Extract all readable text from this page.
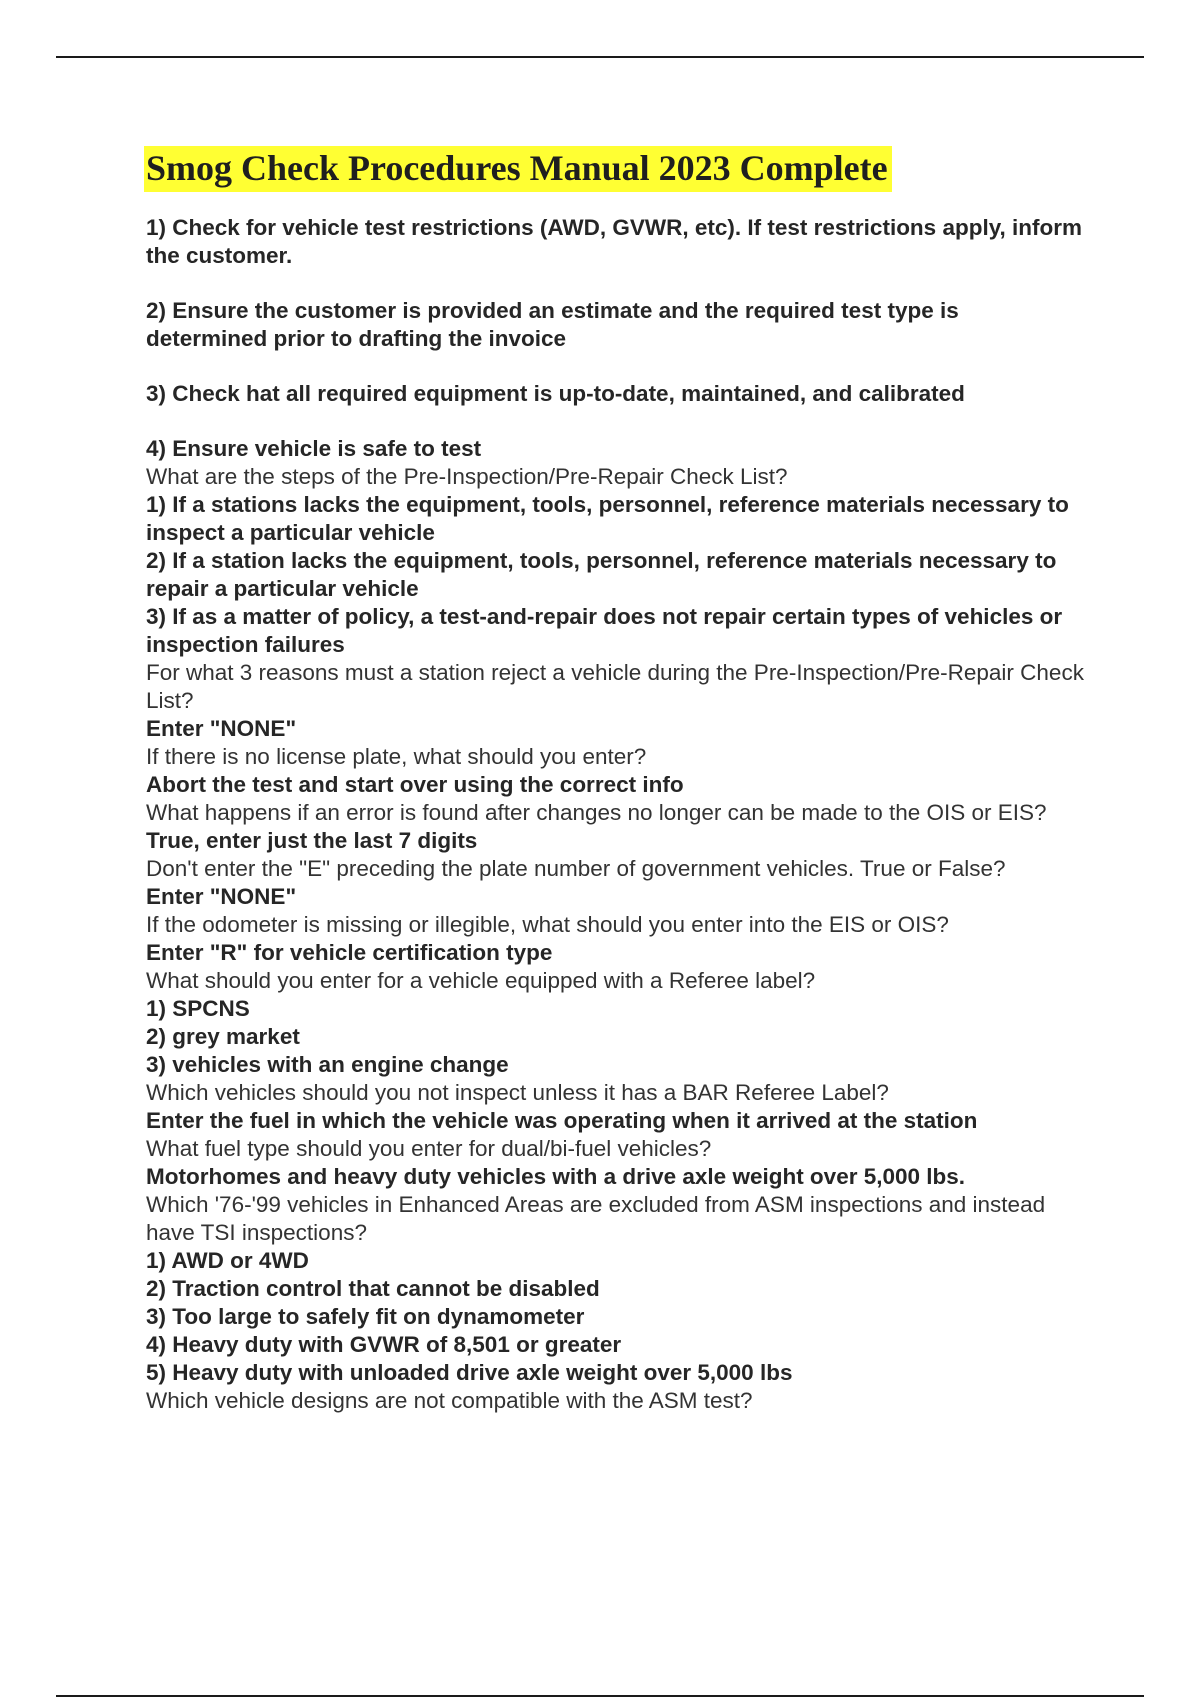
Smog Check Procedures Manual 2023 Complete

1) Check for vehicle test restrictions (AWD, GVWR, etc). If test restrictions apply, inform the customer.

2) Ensure the customer is provided an estimate and the required test type is determined prior to drafting the invoice

3) Check hat all required equipment is up-to-date, maintained, and calibrated

4) Ensure vehicle is safe to test

What are the steps of the Pre-Inspection/Pre-Repair Check List?

1) If a stations lacks the equipment, tools, personnel, reference materials necessary to inspect a particular vehicle

2) If a station lacks the equipment, tools, personnel, reference materials necessary to repair a particular vehicle

3) If as a matter of policy, a test-and-repair does not repair certain types of vehicles or inspection failures

For what 3 reasons must a station reject a vehicle during the Pre-Inspection/Pre-Repair Check List?

Enter "NONE"

If there is no license plate, what should you enter?

Abort the test and start over using the correct info

What happens if an error is found after changes no longer can be made to the OIS or EIS?

True, enter just the last 7 digits

Don't enter the "E" preceding the plate number of government vehicles. True or False?

Enter "NONE"

If the odometer is missing or illegible, what should you enter into the EIS or OIS?

Enter "R" for vehicle certification type

What should you enter for a vehicle equipped with a Referee label?

1) SPCNS

2) grey market

3) vehicles with an engine change

Which vehicles should you not inspect unless it has a BAR Referee Label?

Enter the fuel in which the vehicle was operating when it arrived at the station

What fuel type should you enter for dual/bi-fuel vehicles?

Motorhomes and heavy duty vehicles with a drive axle weight over 5,000 lbs.

Which '76-'99 vehicles in Enhanced Areas are excluded from ASM inspections and instead have TSI inspections?

1) AWD or 4WD

2) Traction control that cannot be disabled

3) Too large to safely fit on dynamometer

4) Heavy duty with GVWR of 8,501 or greater

5) Heavy duty with unloaded drive axle weight over 5,000 lbs

Which vehicle designs are not compatible with the ASM test?
